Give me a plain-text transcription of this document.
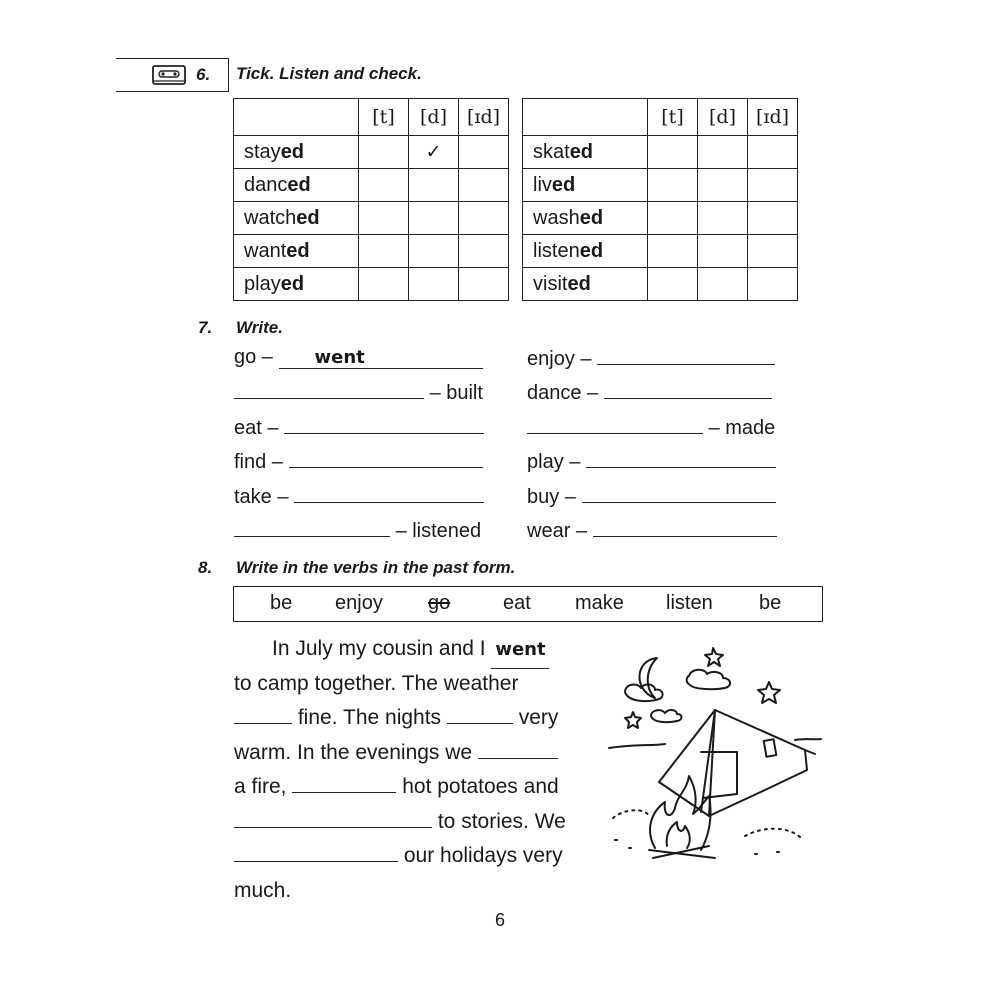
6. Tick. Listen and check.
	[t]	[d]	[ɪd]
stayed		✓	
danced			
watched			
wanted			
played			
	[t]	[d]	[ɪd]
skated			
lived			
washed			
listened			
visited			
7. Write.
go – went
– built
eat –
find –
take –
– listened
enjoy –
dance –
– made
play –
buy –
wear –
8. Write in the verbs in the past form.
be enjoy go	eat make listen be
In July my cousin and I went
to camp together. The weather
fine. The nights	very
warm. In the evenings we
a fire,	hot potatoes and
to stories. We
our holidays very
much.
6
